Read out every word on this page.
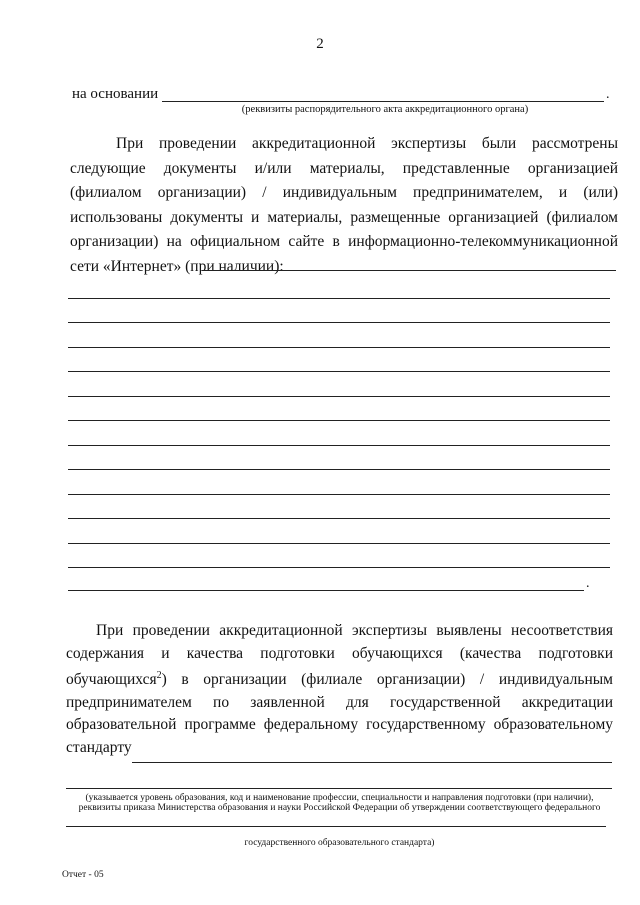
2
на основании	.
(реквизиты распорядительного акта аккредитационного органа)
При проведении аккредитационной экспертизы были рассмотрены следующие документы и/или материалы, представленные организацией (филиалом организации) / индивидуальным предпринимателем, и (или) использованы документы и материалы, размещенные организацией (филиалом организации) на официальном сайте в информационно-телекоммуникационной сети «Интернет» (при наличии):
.
При проведении аккредитационной экспертизы выявлены несоответствия содержания и качества подготовки обучающихся (качества подготовки обучающихся$^2$) в организации (филиале организации) / индивидуальным предпринимателем по заявленной для государственной аккредитации образовательной программе федеральному государственному образовательному стандарту
(указывается уровень образования, код и наименование профессии, специальности и направления подготовки (при наличии),
реквизиты приказа Министерства образования и науки Российской Федерации об утверждении соответствующего федерального
государственного образовательного стандарта)
Отчет - 05
